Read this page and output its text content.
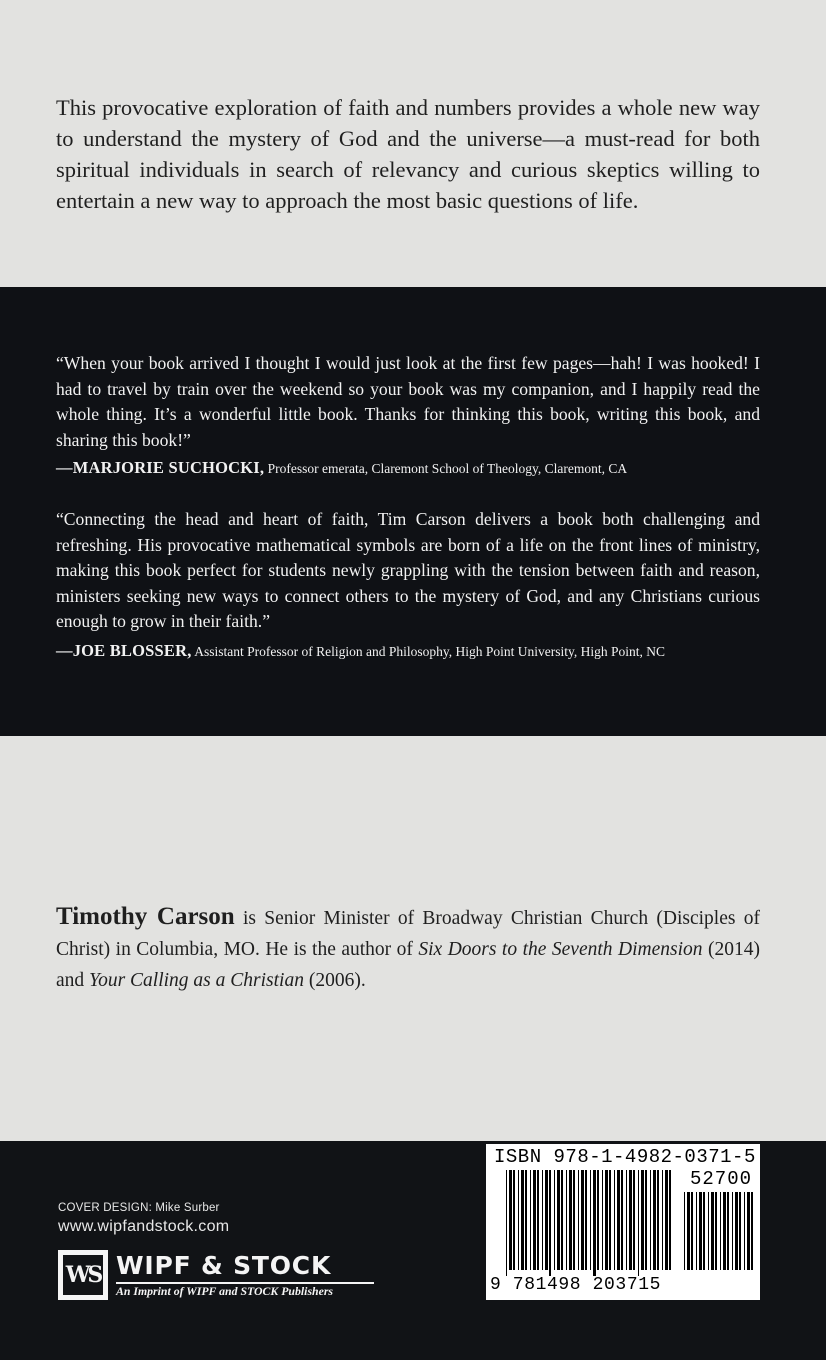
This provocative exploration of faith and numbers provides a whole new way to understand the mystery of God and the universe—a must-read for both spiritual individuals in search of relevancy and curious skeptics willing to entertain a new way to approach the most basic questions of life.

“When your book arrived I thought I would just look at the first few pages—hah! I was hooked! I had to travel by train over the weekend so your book was my companion, and I happily read the whole thing. It’s a wonderful little book. Thanks for thinking this book, writing this book, and sharing this book!”

—MARJORIE SUCHOCKI, Professor emerata, Claremont School of Theology, Claremont, CA

“Connecting the head and heart of faith, Tim Carson delivers a book both challenging and refreshing. His provocative mathematical symbols are born of a life on the front lines of ministry, making this book perfect for students newly grappling with the tension between faith and reason, ministers seeking new ways to connect others to the mystery of God, and any Christians curious enough to grow in their faith.”

—JOE BLOSSER, Assistant Professor of Religion and Philosophy, High Point University, High Point, NC

Timothy Carson is Senior Minister of Broadway Christian Church (Disciples of Christ) in Columbia, MO. He is the author of Six Doors to the Seventh Dimension (2014) and Your Calling as a Christian (2006).

COVER DESIGN: Mike Surber
www.wipfandstock.com
WS WIPF & STOCK
An Imprint of WIPF and STOCK Publishers
ISBN 978-1-4982-0371-5
52700
9 781498 203715
